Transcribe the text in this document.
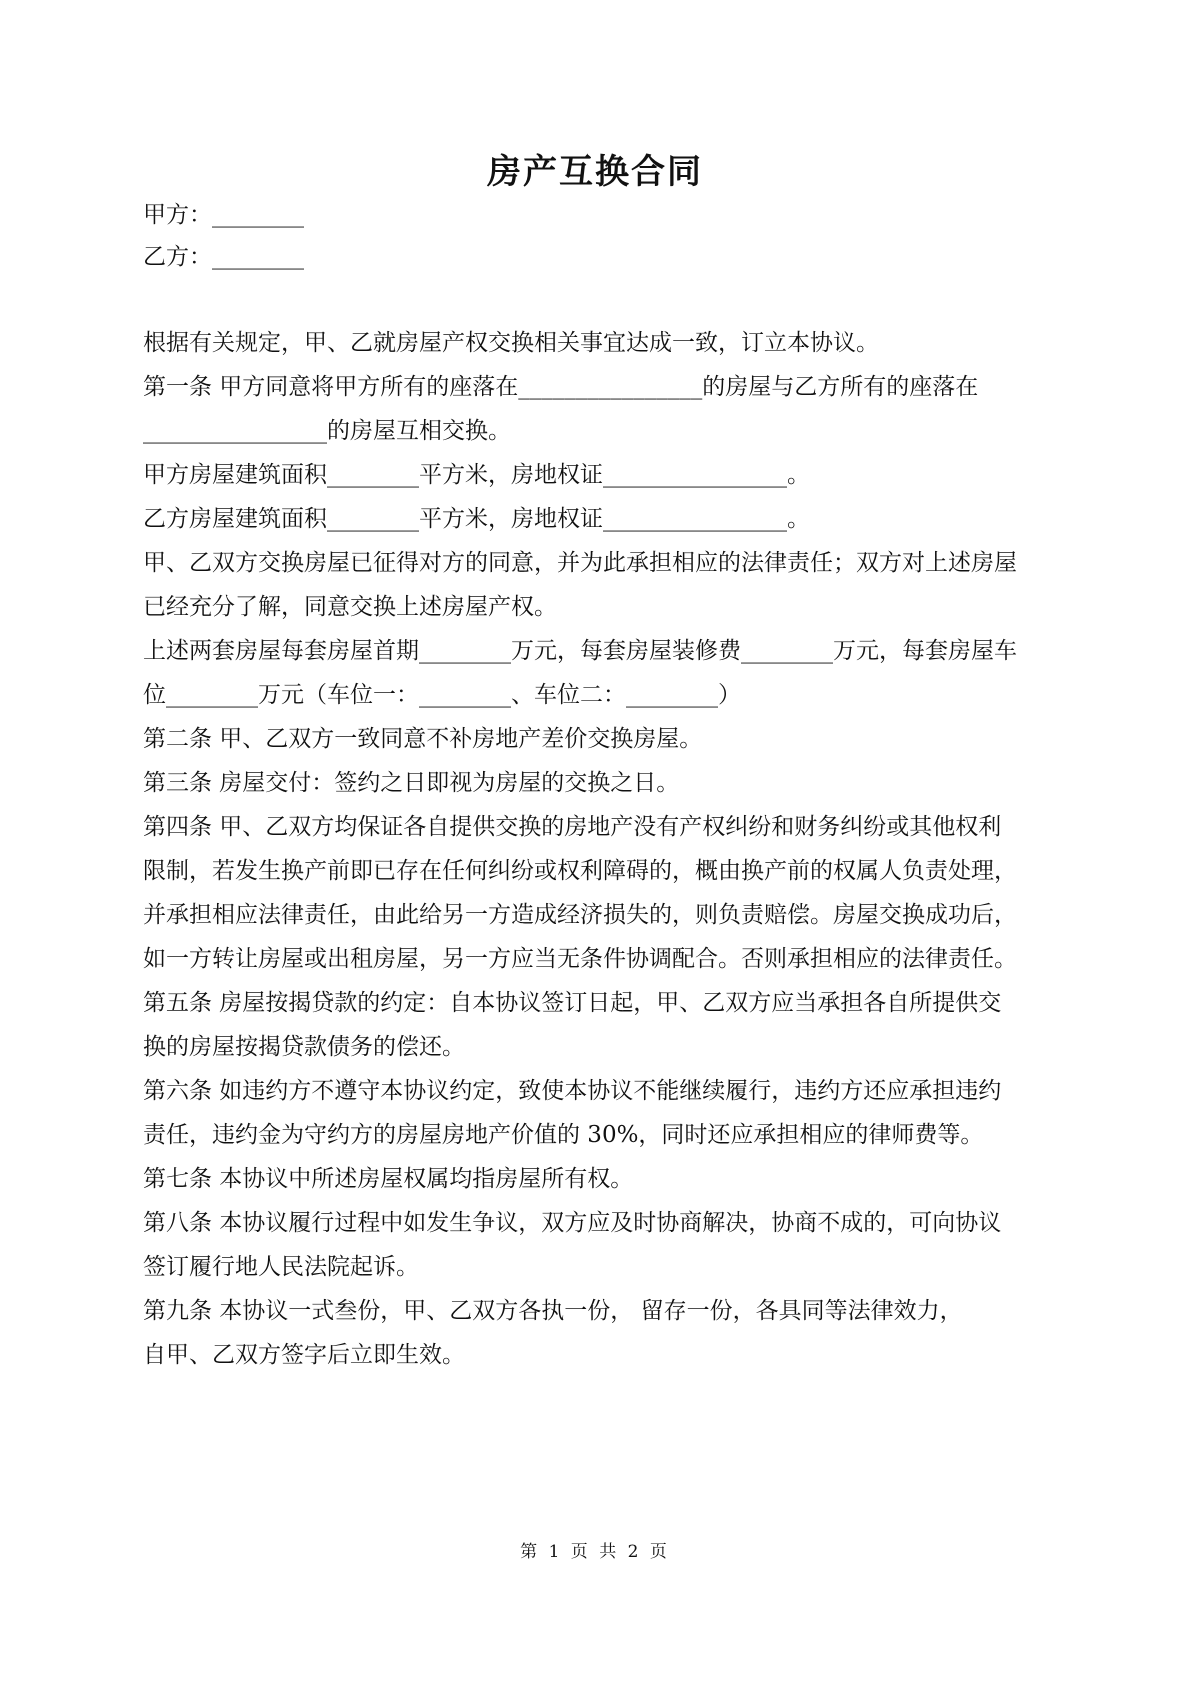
房产互换合同
甲方：________
乙方：________
根据有关规定，甲、乙就房屋产权交换相关事宜达成一致，订立本协议。
第一条 甲方同意将甲方所有的座落在________________的房屋与乙方所有的座落在
________________的房屋互相交换。
甲方房屋建筑面积________平方米，房地权证________________。
乙方房屋建筑面积________平方米，房地权证________________。
甲、乙双方交换房屋已征得对方的同意，并为此承担相应的法律责任；双方对上述房屋
已经充分了解，同意交换上述房屋产权。
上述两套房屋每套房屋首期________万元，每套房屋装修费________万元，每套房屋车
位________万元（车位一：________、车位二：________）
第二条 甲、乙双方一致同意不补房地产差价交换房屋。
第三条 房屋交付：签约之日即视为房屋的交换之日。
第四条 甲、乙双方均保证各自提供交换的房地产没有产权纠纷和财务纠纷或其他权利
限制，若发生换产前即已存在任何纠纷或权利障碍的，概由换产前的权属人负责处理，
并承担相应法律责任，由此给另一方造成经济损失的，则负责赔偿。房屋交换成功后，
如一方转让房屋或出租房屋，另一方应当无条件协调配合。否则承担相应的法律责任。
第五条 房屋按揭贷款的约定：自本协议签订日起，甲、乙双方应当承担各自所提供交
换的房屋按揭贷款债务的偿还。
第六条 如违约方不遵守本协议约定，致使本协议不能继续履行，违约方还应承担违约
责任，违约金为守约方的房屋房地产价值的 30%，同时还应承担相应的律师费等。
第七条 本协议中所述房屋权属均指房屋所有权。
第八条 本协议履行过程中如发生争议，双方应及时协商解决，协商不成的，可向协议
签订履行地人民法院起诉。
第九条 本协议一式叁份，甲、乙双方各执一份， 留存一份，各具同等法律效力，
自甲、乙双方签字后立即生效。
第 1 页 共 2 页
